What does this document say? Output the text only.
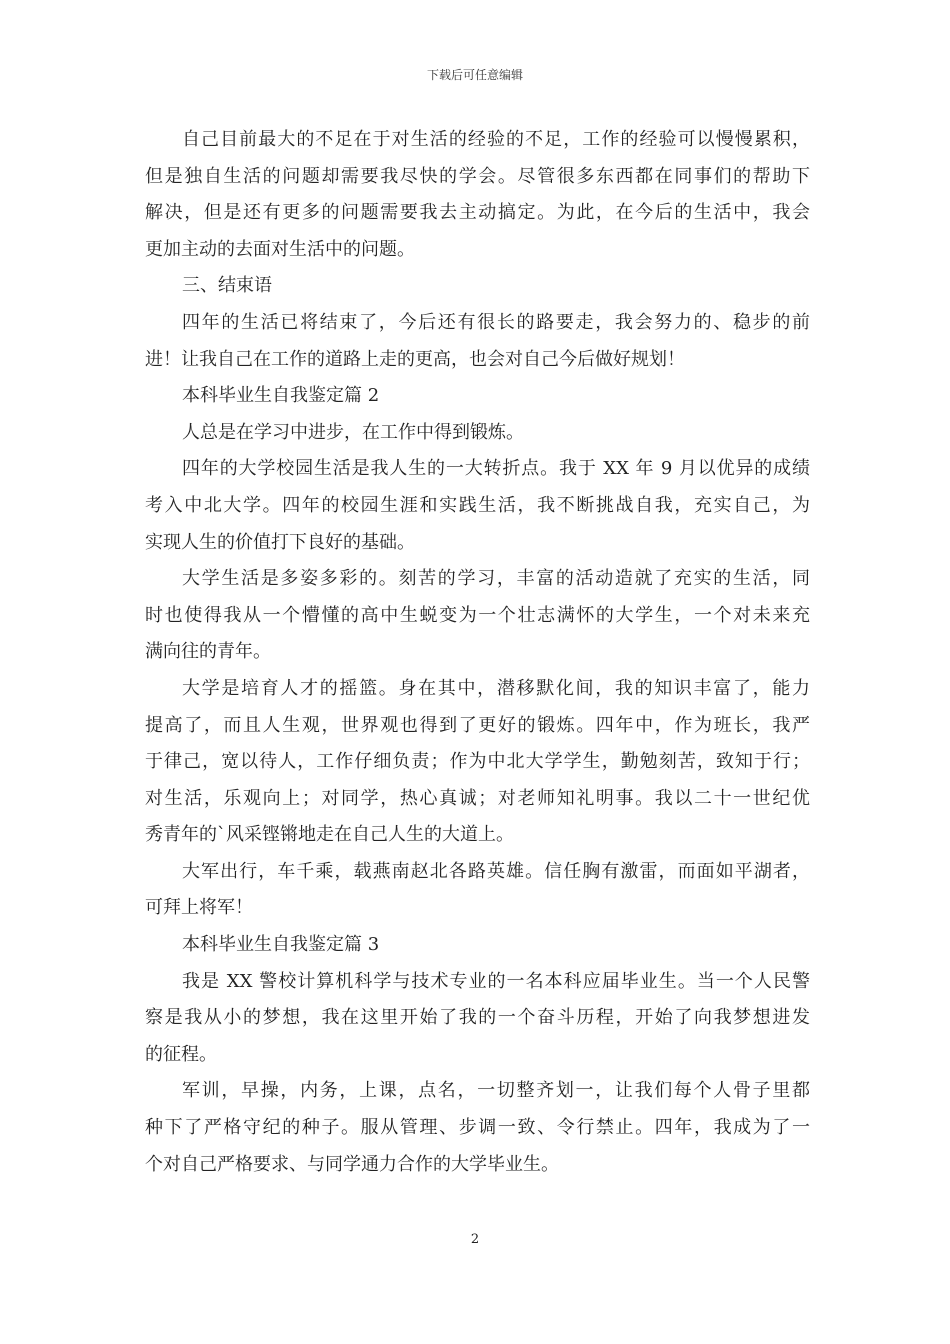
下载后可任意编辑
自己目前最大的不足在于对生活的经验的不足，工作的经验可以慢慢累积，
但是独自生活的问题却需要我尽快的学会。尽管很多东西都在同事们的帮助下
解决，但是还有更多的问题需要我去主动搞定。为此，在今后的生活中，我会
更加主动的去面对生活中的问题。
三、结束语
四年的生活已将结束了，今后还有很长的路要走，我会努力的、稳步的前
进！让我自己在工作的道路上走的更高，也会对自己今后做好规划！
本科毕业生自我鉴定篇 2
人总是在学习中进步，在工作中得到锻炼。
四年的大学校园生活是我人生的一大转折点。我于 XX 年 9 月以优异的成绩
考入中北大学。四年的校园生涯和实践生活，我不断挑战自我，充实自己，为
实现人生的价值打下良好的基础。
大学生活是多姿多彩的。刻苦的学习，丰富的活动造就了充实的生活，同
时也使得我从一个懵懂的高中生蜕变为一个壮志满怀的大学生，一个对未来充
满向往的青年。
大学是培育人才的摇篮。身在其中，潜移默化间，我的知识丰富了，能力
提高了，而且人生观，世界观也得到了更好的锻炼。四年中，作为班长，我严
于律己，宽以待人，工作仔细负责；作为中北大学学生，勤勉刻苦，致知于行；
对生活，乐观向上；对同学，热心真诚；对老师知礼明事。我以二十一世纪优
秀青年的`风采铿锵地走在自己人生的大道上。
大军出行，车千乘，载燕南赵北各路英雄。信任胸有激雷，而面如平湖者，
可拜上将军！
本科毕业生自我鉴定篇 3
我是 XX 警校计算机科学与技术专业的一名本科应届毕业生。当一个人民警
察是我从小的梦想，我在这里开始了我的一个奋斗历程，开始了向我梦想进发
的征程。
军训，早操，内务，上课，点名，一切整齐划一，让我们每个人骨子里都
种下了严格守纪的种子。服从管理、步调一致、令行禁止。四年，我成为了一
个对自己严格要求、与同学通力合作的大学毕业生。
2
